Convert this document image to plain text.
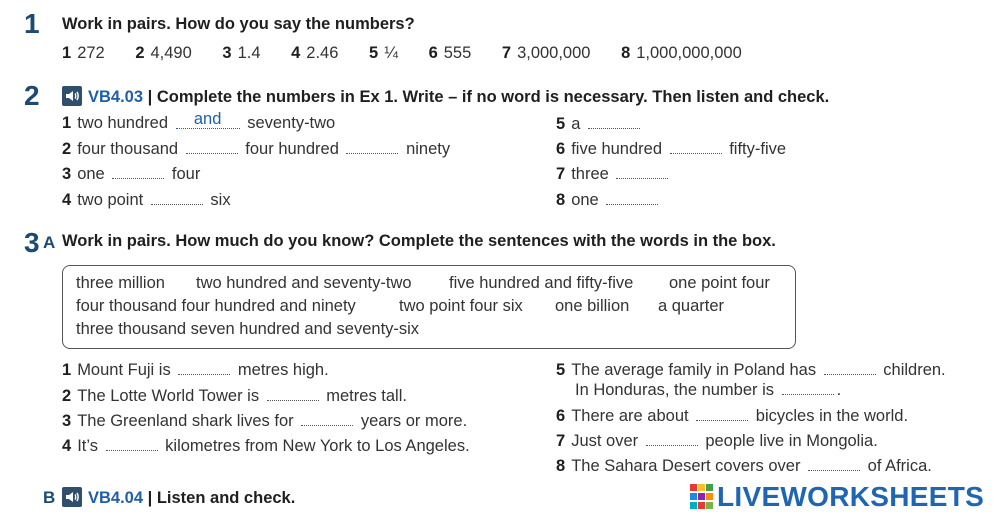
1 Work in pairs. How do you say the numbers?
1 272 2 4,490 3 1.4 4 2.46 5 ¼ 6 555 7 3,000,000 8 1,000,000,000
2	VB4.03 | Complete the numbers in Ex 1. Write – if no word is necessary. Then listen and check.
1 two hundred and seventy-two
2 four thousand	four hundred	ninety
3 one	four
4 two point	six
5 a
6 five hundred	fifty-five
7 three
8 one
3 A Work in pairs. How much do you know? Complete the sentences with the words in the box.
three million two hundred and seventy-two five hundred and fifty-five one point four
four thousand four hundred and ninety	two point four six one billion a quarter
three thousand seven hundred and seventy-six
1 Mount Fuji is	metres high.
2 The Lotte World Tower is	metres tall.
3 The Greenland shark lives for	years or more.
4 It’s	kilometres from New York to Los Angeles.
5 The average family in Poland has	children.
In Honduras, the number is	.
6 There are about	bicycles in the world.
7 Just over	people live in Mongolia.
8 The Sahara Desert covers over	of Africa.
B	VB4.04 | Listen and check.	LIVEWORKSHEETS
